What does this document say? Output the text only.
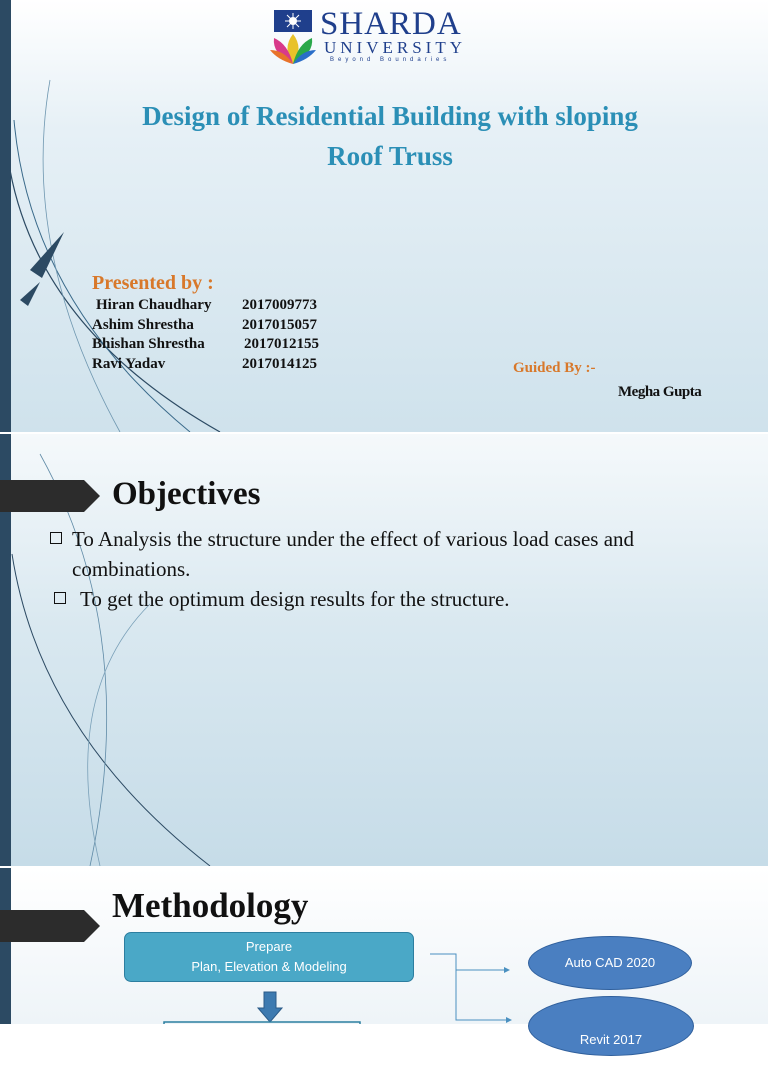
SHARDA
UNIVERSITY
Beyond Boundaries
Design of Residential Building with sloping
Roof Truss
Presented by :
Hiran Chaudhary 2017009773
Ashim Shrestha	2017015057
Bhishan Shrestha	2017012155
Ravi Yadav	2017014125	Guided By :-
Megha Gupta
Objectives
To Analysis the structure under the effect of various load cases and combinations.
To get the optimum design results for the structure.
Methodology
Prepare
Plan, Elevation & Modeling	Auto CAD 2020
Revit 2017
